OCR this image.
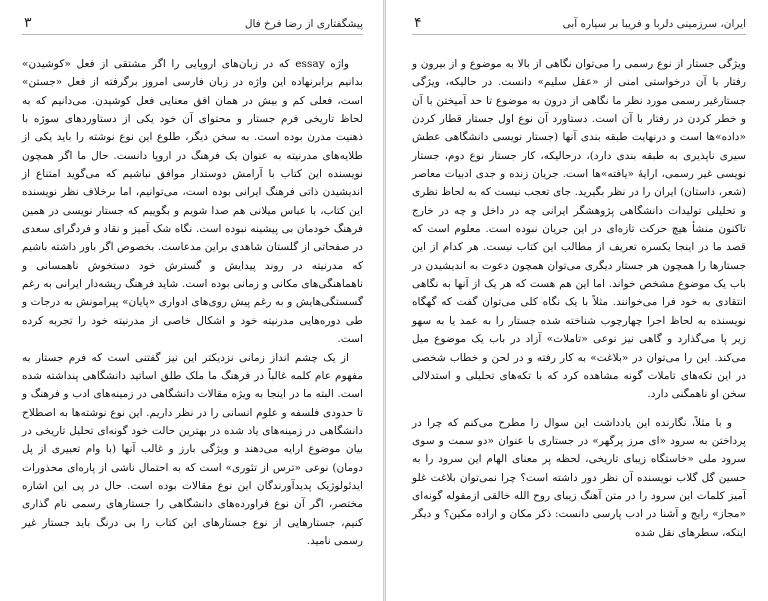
پیشگفتاری از رضا فرخ فال
۳

واژه essay که در زبان‌های اروپایی را اگر مشتقی از فعل «کوشیدن» بدانیم برابرنهاده این واژه در زبان فارسی امروز برگرفته از فعل «جستن» است، فعلی کم و بیش در همان افق معنایی فعل کوشیدن. می‌دانیم که به لحاظ تاریخی فرم جستار و محتوای آن خود یکی از دستاوردهای سوژه با ذهنیت مدرن بوده است. به سخن دیگر، طلوع این نوع نوشته را باید یکی از طلایه‌های مدرنیته به عنوان یک فرهنگ در اروپا دانست. حال ما اگر همچون نویسنده این کتاب با آرامش دوستدار موافق نباشیم که می‌گوید امتناع از اندیشیدن ذاتی فرهنگ ایرانی بوده است، می‌توانیم، اما برخلاف نظر نویسنده این کتاب، با عباس میلانی هم صدا شویم و بگوییم که جستار نویسی در همین فرهنگ خودمان بی پیشینه نبوده است. نگاه شک آمیز و نقاد و فردگرای سعدی در صفحاتی از گلستان شاهدی براین مدعاست. بخصوص اگر باور داشته باشیم که مدرنیته در روند پیدایش و گسترش خود دستخوش ناهمسانی و ناهماهنگی‌های مکانی و زمانی بوده است. شاید فرهنگ ریشه‌دار ایرانی به رغم گسستگی‌هایش و به رغم پیش روی‌های ادواری «پایان» پیرامونش به درجات و طی دوره‌هایی مدرنیته خود و اشکال خاصی از مدرنیته خود را تجربه کرده است.

از یک چشم انداز زمانی نزدیکتر این نیز گفتنی است که فرم جستار به مفهوم عام کلمه غالباً در فرهنگ ما ملک طلق اساتید دانشگاهی پنداشته شده است. البته ما در اینجا به ویژه مقالات دانشگاهی در زمینه‌های ادب و فرهنگ و تا حدودی فلسفه و علوم انسانی را در نظر داریم. این نوع نوشته‌ها به اصطلاح دانشگاهی در زمینه‌های یاد شده در بهترین حالت خود گونه‌ای تحلیل تاریخی در بیان موضوع ارایه می‌دهند و ویژگی بارز و غالب آنها (با وام تعبیری از پل دومان) نوعی «ترس از تئوری» است که به احتمال ناشی از پاره‌ای محذورات ایدئولوژیک پدیدآورندگان این نوع مقالات بوده است. حال در پی این اشاره مختصر، اگر آن نوع فراورده‌های دانشگاهی را جستارهای رسمی نام گذاری کنیم، جستارهایی از نوع جستارهای این کتاب را بی درنگ باید جستار غیر رسمی نامید.

ایران، سرزمینی دلربا و فریبا بر سیاره آبی
۴

ویژگی جستار از نوع رسمی را می‌توان نگاهی از بالا به موضوع و از بیرون و رفتار با آن درخواستی امنی از «عقل سلیم» دانست. در حالیکه، ویژگی جستارغیر رسمی مورد نظر ما نگاهی از درون به موضوع تا حد آمیختن با آن و خطر کردن در رفتار با آن است. دستاورد آن نوع اول جستار قطار کردن «داده»ها است و درنهایت طبقه بندی آنها (جستار نویسی دانشگاهی عطش سیری ناپذیری به طبقه بندی دارد)، درحالیکه، کار جستار نوع دوم، جستار نویسی غیر رسمی، ارایهٔ «یافته»ها است. جریان زنده و جدی ادبیات معاصر (شعر، داستان) ایران را در نظر بگیرید. جای تعجب نیست که به لحاظ نظری و تحلیلی تولیدات دانشگاهی پژوهشگر ایرانی چه در داخل و چه در خارج تاکنون منشأ هیچ حرکت تازه‌ای در این جریان نبوده است. معلوم است که قصد ما در اینجا یکسره تعریف از مطالب این کتاب نیست. هر کدام از این جستارها را همچون هر جستار دیگری می‌توان همچون دعوت به اندیشیدن در باب یک موضوع مشخص خواند. اما این هم هست که هر یک از آنها به نگاهی انتقادی به خود فرا می‌خوانند. مثلاً با یک نگاه کلی می‌توان گفت که گهگاه نویسنده به لحاظ اجرا چهارچوب شناخته شده جستار را به عمد یا به سهو زیر پا می‌گذارد و گاهی نیز نوعی «تاملات» آزاد در باب یک موضوع میل می‌کند. این را می‌توان در «بلاغت» به کار رفته و در لحن و خطاب شخصی در این تکه‌های تاملات گونه مشاهده کرد که با تکه‌های تحلیلی و استدلالی سخن او ناهمگنی دارد.

و با مثلاً، نگارنده این یادداشت این سوال را مطرح می‌کنم که چرا در پرداختن به سرود «ای مرز پرگهر» در جستاری با عنوان «دو سمت و سوی سرود ملی «خاستگاه زیبای تاریخی، لحظه پر معنای الهام این سرود را به حسین گل گلاب نویسنده آن نظر دور داشته است؟ چرا نمی‌توان بلاغت غلو آمیز کلمات این سرود را در متن آهنگ زیبای روح الله خالقی ازمقوله گونه‌ای «مجاز» رایج و آشنا در ادب پارسی دانست: ذکر مکان و اراده مکین؟ و دیگر اینکه، سطرهای نقل شده
